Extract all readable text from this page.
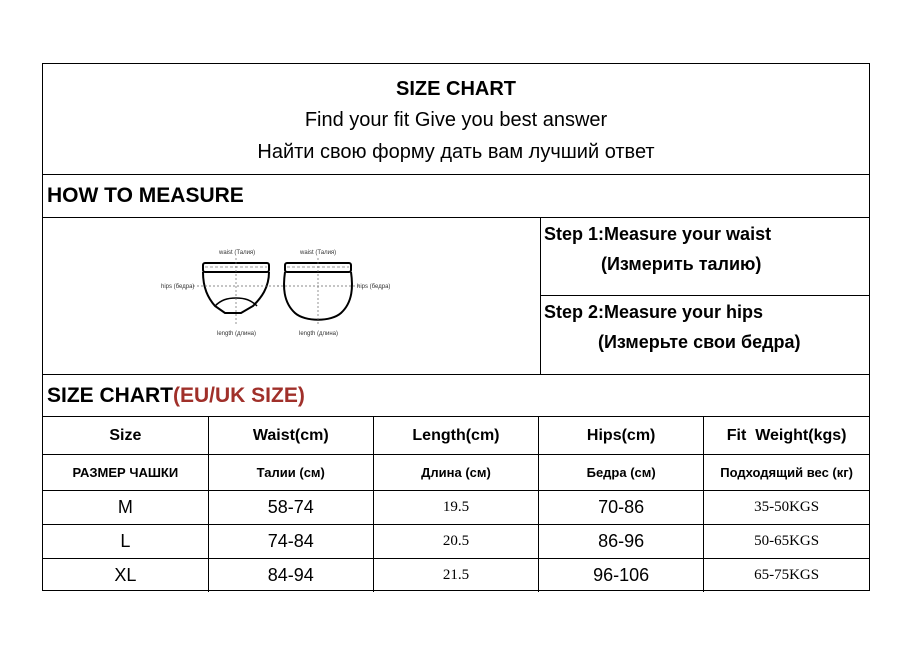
SIZE CHART
Find your fit Give you best answer
Найти свою форму дать вам лучший ответ
HOW TO MEASURE
waist (Талия)	waist (Талия)
hips (бедра)	hips (бедра)
length (длина)	length (длина)
Step 1:Measure your waist
(Измерить талию)
Step 2:Measure your hips
(Измерьте свои бедра)
SIZE CHART(EU/UK SIZE)
Size	Waist(cm)	Length(cm)	Hips(cm)	Fit  Weight(kgs)
РАЗМЕР ЧАШКИ	Талии (см)	Длина (см)	Бедра (см)	Подходящий вес (кг)
M	58-74	19.5	70-86	35-50KGS
L	74-84	20.5	86-96	50-65KGS
XL	84-94	21.5	96-106	65-75KGS
